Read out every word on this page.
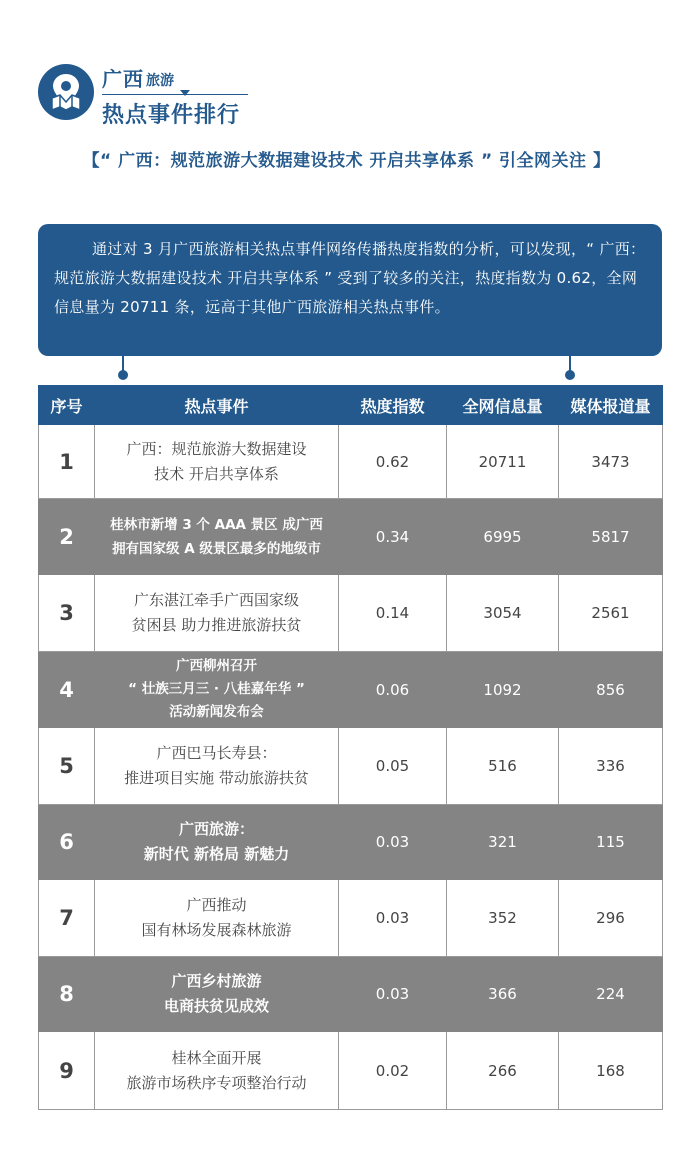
广西 旅游
热点事件排行
【“ 广西：规范旅游大数据建设技术 开启共享体系 ” 引全网关注 】

通过对 3 月广西旅游相关热点事件网络传播热度指数的分析，可以发现，“ 广西：规范旅游大数据建设技术 开启共享体系 ” 受到了较多的关注，热度指数为 0.62，全网信息量为 20711 条，远高于其他广西旅游相关热点事件。

序号	热点事件	热度指数	全网信息量	媒体报道量
1	广西：规范旅游大数据建设
技术 开启共享体系	0.62	20711	3473
2	桂林市新增 3 个 AAA 景区 成广西
拥有国家级 A 级景区最多的地级市	0.34	6995	5817
3	广东湛江牵手广西国家级
贫困县 助力推进旅游扶贫	0.14	3054	2561
4	广西柳州召开
“ 壮族三月三 · 八桂嘉年华 ”
活动新闻发布会	0.06	1092	856
5	广西巴马长寿县：
推进项目实施 带动旅游扶贫	0.05	516	336
6	广西旅游：
新时代 新格局 新魅力	0.03	321	115
7	广西推动
国有林场发展森林旅游	0.03	352	296
8	广西乡村旅游
电商扶贫见成效	0.03	366	224
9	桂林全面开展
旅游市场秩序专项整治行动	0.02	266	168
